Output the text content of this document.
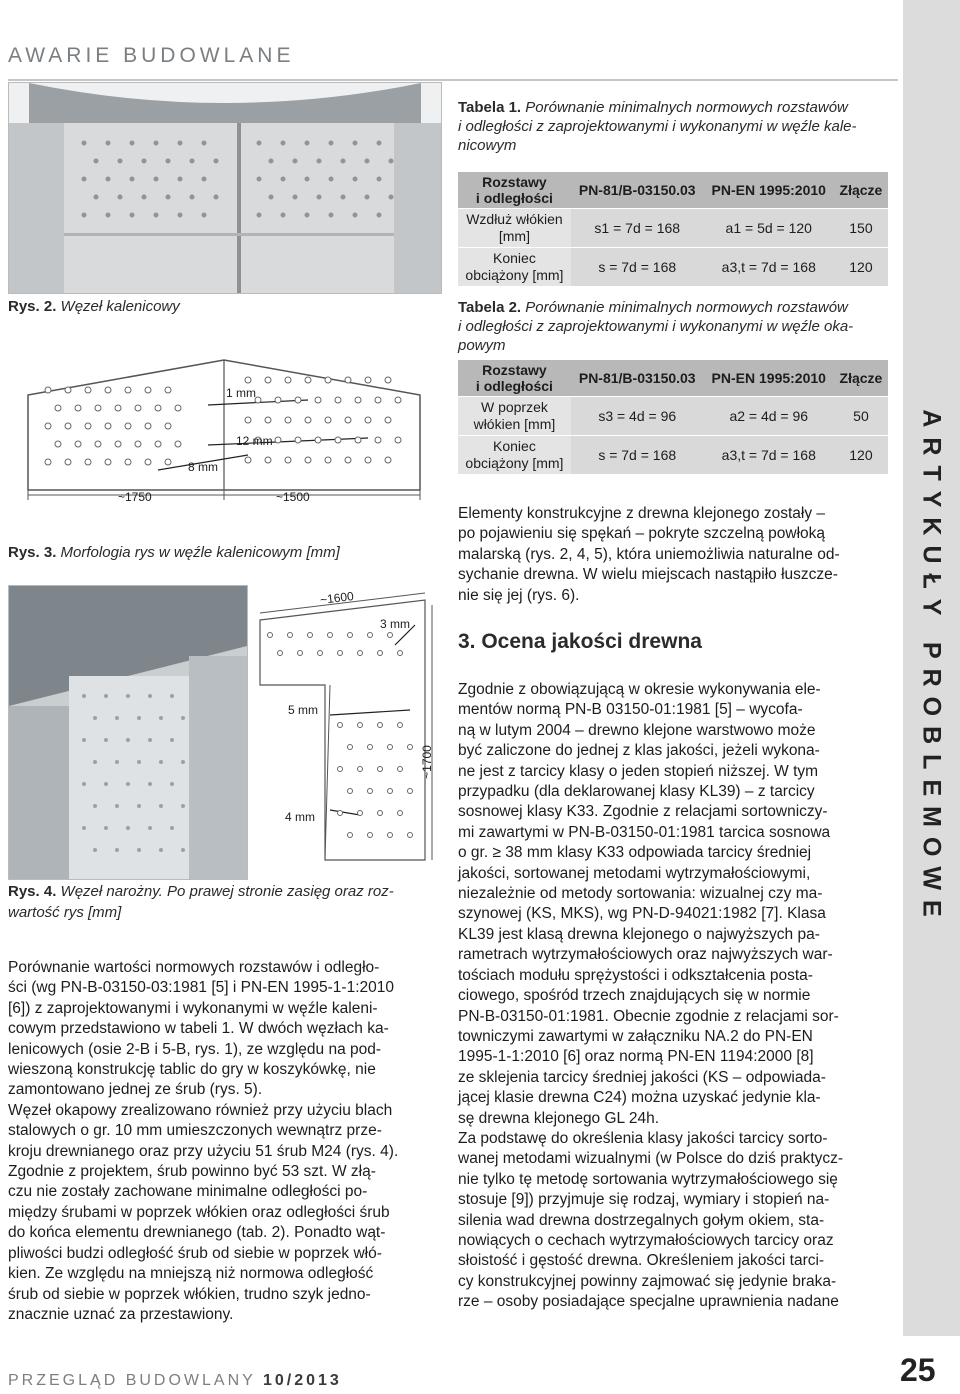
AWARIE BUDOWLANE
ARTYKUŁY PROBLEMOWE
Rys. 2. Węzeł kalenicowy
1 mm
12 mm
8 mm
~1750	~1500
Rys. 3. Morfologia rys w węźle kalenicowym [mm]
~1600
3 mm
5 mm
~1700
4 mm
Rys. 4. Węzeł narożny. Po prawej stronie zasięg oraz roz-
wartość rys [mm]
Porównanie wartości normowych rozstawów i odległo-
ści (wg PN-B-03150-03:1981 [5] i PN-EN 1995-1-1:2010
[6]) z zaprojektowanymi i wykonanymi w węźle kaleni-
cowym przedstawiono w tabeli 1. W dwóch węzłach ka-
lenicowych (osie 2-B i 5-B, rys. 1), ze względu na pod-
wieszoną konstrukcję tablic do gry w koszykówkę, nie
zamontowano jednej ze śrub (rys. 5).
Węzeł okapowy zrealizowano również przy użyciu blach
stalowych o gr. 10 mm umieszczonych wewnątrz prze-
kroju drewnianego oraz przy użyciu 51 śrub M24 (rys. 4).
Zgodnie z projektem, śrub powinno być 53 szt. W złą-
czu nie zostały zachowane minimalne odległości po-
między śrubami w poprzek włókien oraz odległości śrub
do końca elementu drewnianego (tab. 2). Ponadto wąt-
pliwości budzi odległość śrub od siebie w poprzek włó-
kien. Ze względu na mniejszą niż normowa odległość
śrub od siebie w poprzek włókien, trudno szyk jedno-
znacznie uznać za przestawiony.
Tabela 1. Porównanie minimalnych normowych rozstawów
i odległości z zaprojektowanymi i wykonanymi w węźle kale-
nicowym
Rozstawy
i odległości	PN-81/B-03150.03	PN-EN 1995:2010	Złącze
Wzdłuż włókien
[mm]	s1 = 7d = 168	a1 = 5d = 120	150
Koniec
obciążony [mm]	s = 7d = 168	a3,t = 7d = 168	120
Tabela 2. Porównanie minimalnych normowych rozstawów
i odległości z zaprojektowanymi i wykonanymi w węźle oka-
powym
Rozstawy
i odległości	PN-81/B-03150.03	PN-EN 1995:2010	Złącze
W poprzek
włókien [mm]	s3 = 4d = 96	a2 = 4d = 96	50
Koniec
obciążony [mm]	s = 7d = 168	a3,t = 7d = 168	120
Elementy konstrukcyjne z drewna klejonego zostały –
po pojawieniu się spękań – pokryte szczelną powłoką
malarską (rys. 2, 4, 5), która uniemożliwia naturalne od-
sychanie drewna. W wielu miejscach nastąpiło łuszcze-
nie się jej (rys. 6).
3. Ocena jakości drewna
Zgodnie z obowiązującą w okresie wykonywania ele-
mentów normą PN-B 03150-01:1981 [5] – wycofa-
ną w lutym 2004 – drewno klejone warstwowo może
być zaliczone do jednej z klas jakości, jeżeli wykona-
ne jest z tarcicy klasy o jeden stopień niższej. W tym
przypadku (dla deklarowanej klasy KL39) – z tarcicy
sosnowej klasy K33. Zgodnie z relacjami sortowniczy-
mi zawartymi w PN-B-03150-01:1981 tarcica sosnowa
o gr. ≥ 38 mm klasy K33 odpowiada tarcicy średniej
jakości, sortowanej metodami wytrzymałościowymi,
niezależnie od metody sortowania: wizualnej czy ma-
szynowej (KS, MKS), wg PN-D-94021:1982 [7]. Klasa
KL39 jest klasą drewna klejonego o najwyższych pa-
rametrach wytrzymałościowych oraz najwyższych war-
tościach modułu sprężystości i odkształcenia posta-
ciowego, spośród trzech znajdujących się w normie
PN-B-03150-01:1981. Obecnie zgodnie z relacjami sor-
towniczymi zawartymi w załączniku NA.2 do PN-EN
1995-1-1:2010 [6] oraz normą PN-EN 1194:2000 [8]
ze sklejenia tarcicy średniej jakości (KS – odpowiada-
jącej klasie drewna C24) można uzyskać jedynie kla-
sę drewna klejonego GL 24h.
Za podstawę do określenia klasy jakości tarcicy sorto-
wanej metodami wizualnymi (w Polsce do dziś praktycz-
nie tylko tę metodę sortowania wytrzymałościowego się
stosuje [9]) przyjmuje się rodzaj, wymiary i stopień na-
silenia wad drewna dostrzegalnych gołym okiem, sta-
nowiących o cechach wytrzymałościowych tarcicy oraz
słoistość i gęstość drewna. Określeniem jakości tarci-
cy konstrukcyjnej powinny zajmować się jedynie braka-
rze – osoby posiadające specjalne uprawnienia nadane
PRZEGLĄD BUDOWLANY 10/2013	25
